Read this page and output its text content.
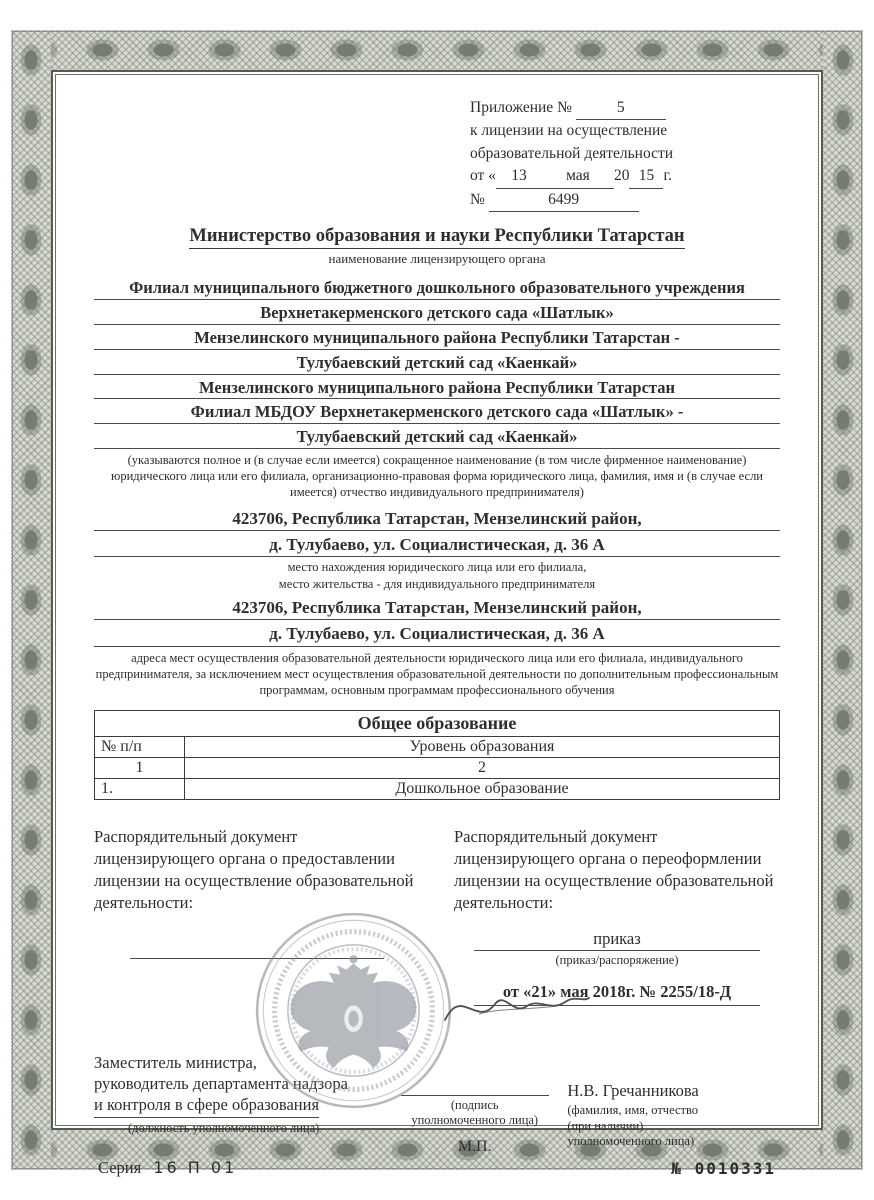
Приложение №	5
к лицензии на осуществление
образовательной деятельности
от « 13	мая 20 15 г.
№	6499
Министерство образования и науки Республики Татарстан
наименование лицензирующего органа
Филиал муниципального бюджетного дошкольного образовательного учреждения
Верхнетакерменского детского сада «Шатлык»
Мензелинского муниципального района Республики Татарстан -
Тулубаевский детский сад «Каенкай»
Мензелинского муниципального района Республики Татарстан
Филиал МБДОУ Верхнетакерменского детского сада «Шатлык» -
Тулубаевский детский сад «Каенкай»
(указываются полное и (в случае если имеется) сокращенное наименование (в том числе фирменное наименование) юридического лица или его филиала, организационно-правовая форма юридического лица, фамилия, имя и (в случае если имеется) отчество индивидуального предпринимателя)
423706, Республика Татарстан, Мензелинский район,
д. Тулубаево, ул. Социалистическая, д. 36 А
место нахождения юридического лица или его филиала,
место жительства - для индивидуального предпринимателя
423706, Республика Татарстан, Мензелинский район,
д. Тулубаево, ул. Социалистическая, д. 36 А
адреса мест осуществления образовательной деятельности юридического лица или его филиала, индивидуального предпринимателя, за исключением мест осуществления образовательной деятельности по дополнительным профессиональным программам, основным программам профессионального обучения
Общее образование
№ п/п	Уровень образования
1	2
1.	Дошкольное образование
Распорядительный документ лицензирующего органа о предоставлении лицензии на осуществление образовательной деятельности:
Распорядительный документ лицензирующего органа о переоформлении лицензии на осуществление образовательной деятельности:
приказ
(приказ/распоряжение)
от «21» мая 2018г. № 2255/18-Д
Заместитель министра,
руководитель департамента надзора
и контроля в сфере образования
(должность уполномоченного лица)
(подпись
уполномоченного лица)
М.П.
Н.В. Гречанникова
(фамилия, имя, отчество
(при наличии)
уполномоченного лица)
Серия 16 П 01	№ 0010331
